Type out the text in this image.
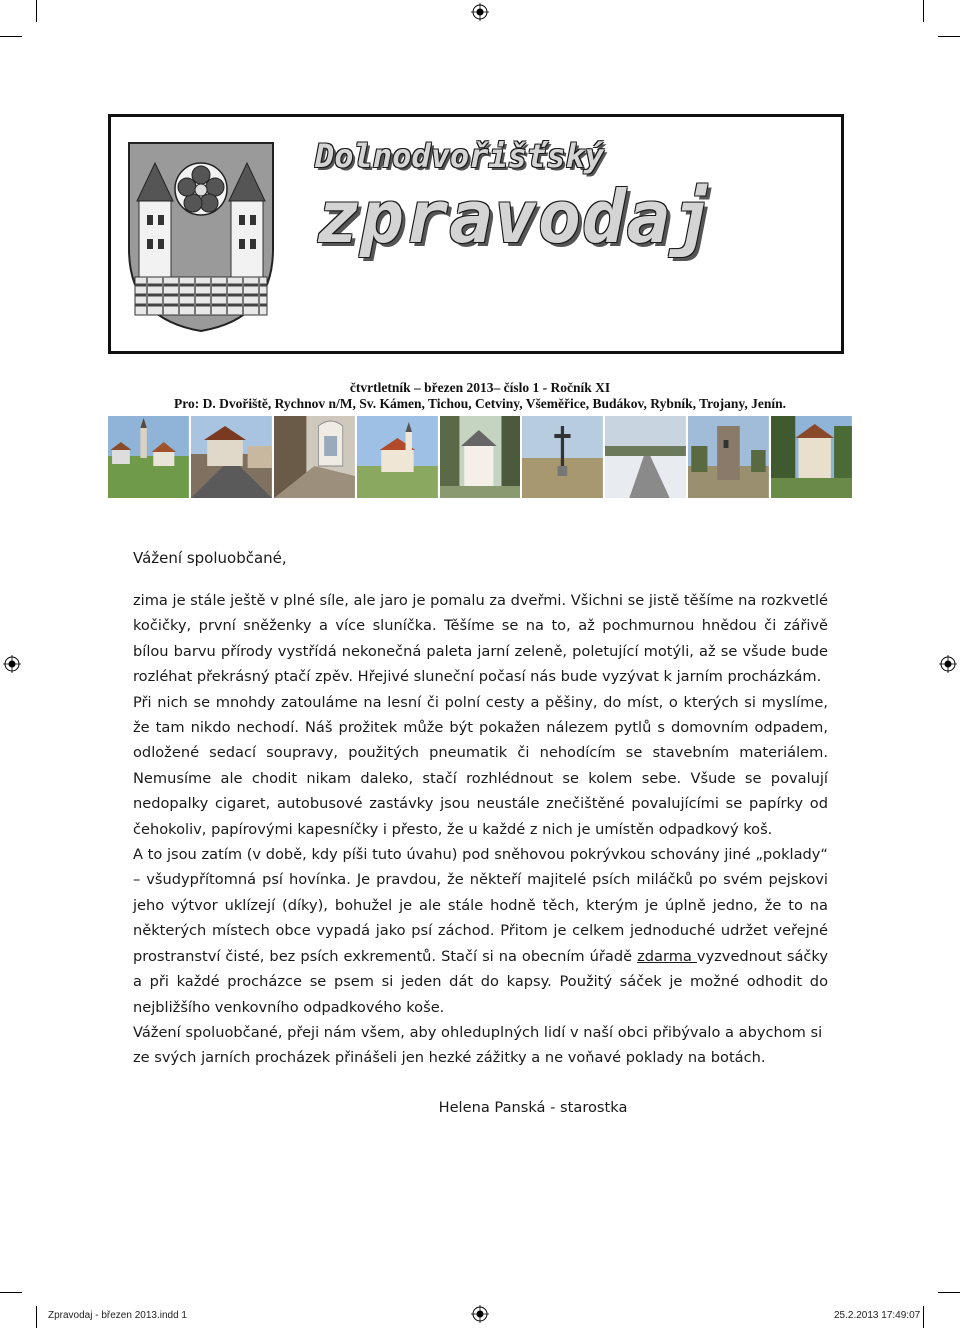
Dolnodvořišťský
zpravodaj
čtvrtletník – březen 2013– číslo 1 - Ročník XI
Pro: D. Dvořiště, Rychnov n/M, Sv. Kámen, Tichou, Cetviny, Všeměřice, Budákov, Rybník, Trojany, Jenín.
Vážení spoluobčané,

zima je stále ještě v plné síle, ale jaro je pomalu za dveřmi. Všichni se jistě těšíme na rozkvetlé kočičky, první sněženky a více sluníčka. Těšíme se na to, až pochmurnou hnědou či zářivě bílou barvu přírody vystřídá nekonečná paleta jarní zeleně, poletující motýli, až se všude bude rozléhat překrásný ptačí zpěv. Hřejivé sluneční počasí nás bude vyzývat k jarním procházkám.

Při nich se mnohdy zatouláme na lesní či polní cesty a pěšiny, do míst, o kterých si myslíme, že tam nikdo nechodí. Náš prožitek může být pokažen nálezem pytlů s domovním odpadem, odložené sedací soupravy, použitých pneumatik či nehodícím se stavebním materiálem. Nemusíme ale chodit nikam daleko, stačí rozhlédnout se kolem sebe. Všude se povalují nedopalky cigaret, autobusové zastávky jsou neustále znečištěné povalujícími se papírky od čehokoliv, papírovými kapesníčky i přesto, že u každé z nich je umístěn odpadkový koš.

A to jsou zatím (v době, kdy píši tuto úvahu) pod sněhovou pokrývkou schovány jiné „poklady“ – všudypřítomná psí hovínka. Je pravdou, že někteří majitelé psích miláčků po svém pejskovi jeho výtvor uklízejí (díky), bohužel je ale stále hodně těch, kterým je úplně jedno, že to na některých místech obce vypadá jako psí záchod. Přitom je celkem jednoduché udržet veřejné prostranství čisté, bez psích exkrementů. Stačí si na obecním úřadě zdarma vyzvednout sáčky a při každé procházce se psem si jeden dát do kapsy. Použitý sáček je možné odhodit do nejbližšího venkovního odpadkového koše.

Vážení spoluobčané, přeji nám všem, aby ohleduplných lidí v naší obci přibývalo a abychom si ze svých jarních procházek přinášeli jen hezké zážitky a ne voňavé poklady na botách.

Helena Panská - starostka
Zpravodaj - březen 2013.indd 1	25.2.2013 17:49:07
